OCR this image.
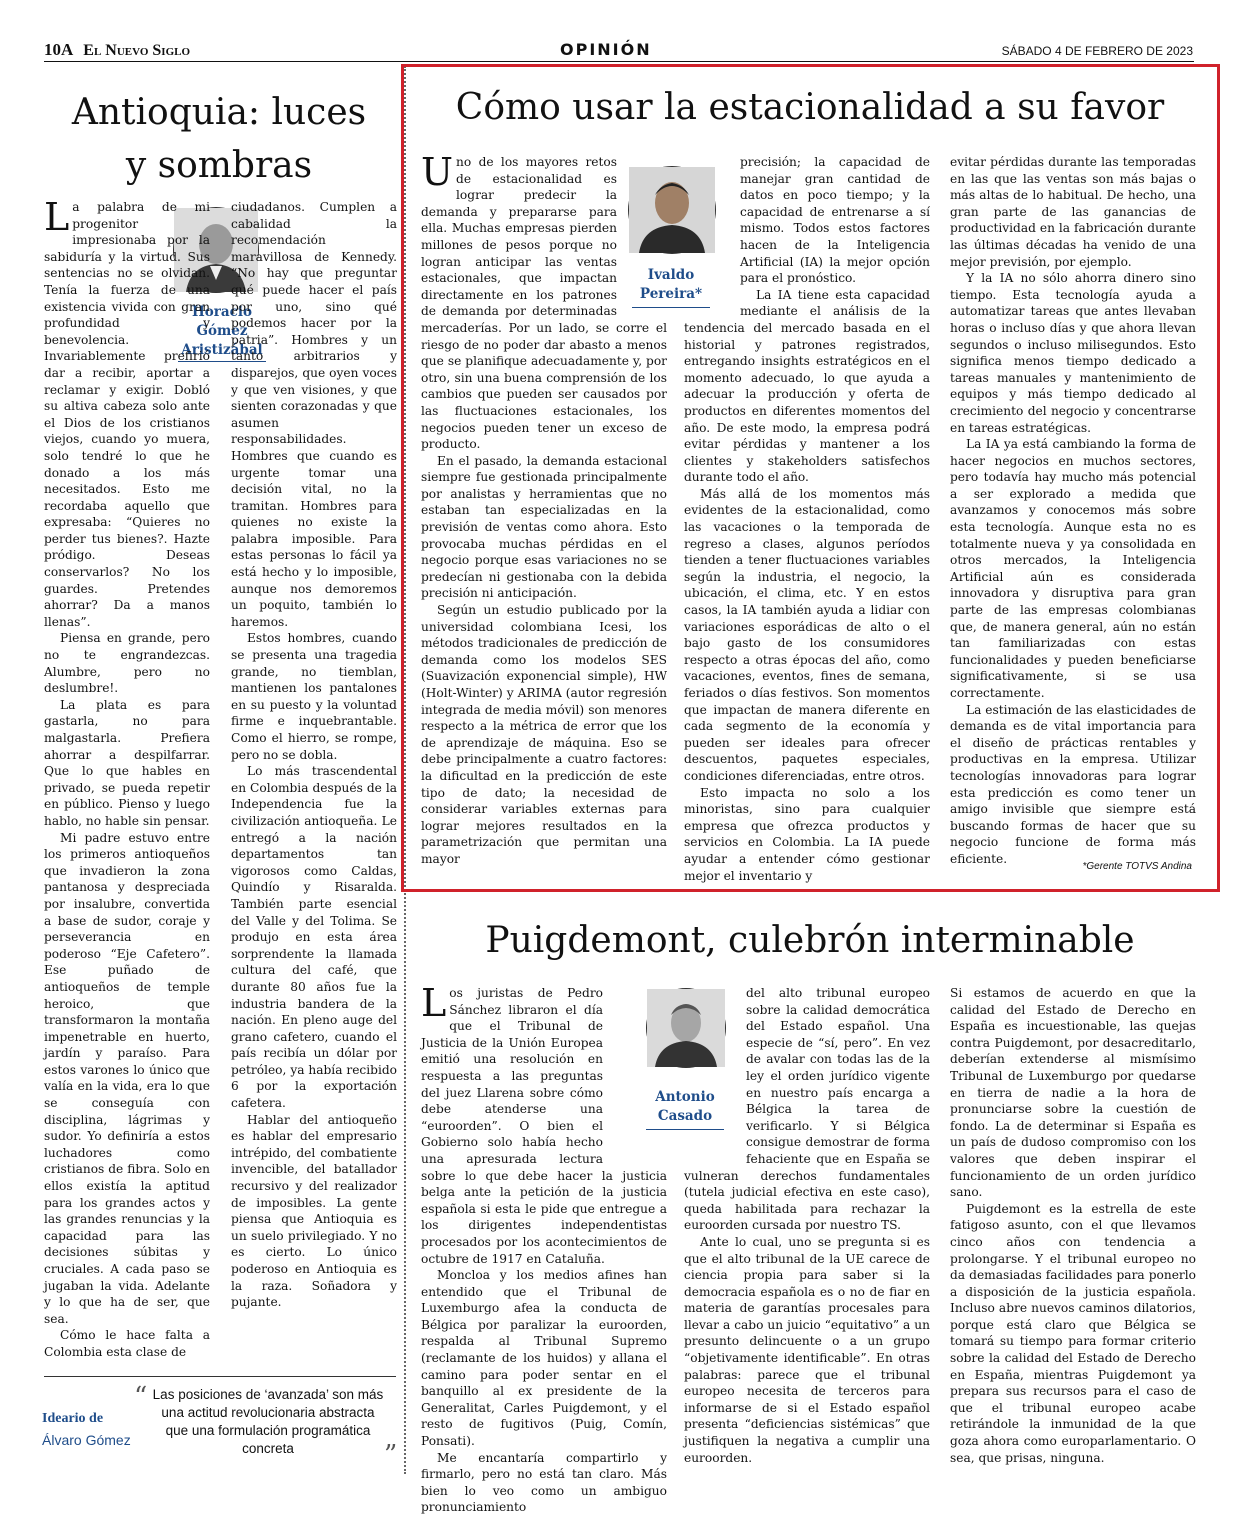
10A El Nuevo Siglo	OPINIÓN	SÁBADO 4 DE FEBRERO DE 2023
Antioquia: luces
y sombras
Horacio
Gómez
Aristizábal

La palabra de mi progenitor impresionaba por la sabiduría y la virtud. Sus sentencias no se olvidan. Tenía la fuerza de una existencia vivida con gran profundidad y benevolencia. Invariablemente prefirió dar a recibir, aportar a reclamar y exigir. Dobló su altiva cabeza solo ante el Dios de los cristianos viejos, cuando yo muera, solo tendré lo que he donado a los más necesitados. Esto me recordaba aquello que expresaba: “Quieres no perder tus bienes?. Hazte pródigo. Deseas conservarlos? No los guardes. Pretendes ahorrar? Da a manos llenas”.

Piensa en grande, pero no te engrandezcas. Alumbre, pero no deslumbre!.

La plata es para gastarla, no para malgastarla. Prefiera ahorrar a despilfarrar. Que lo que hables en privado, se pueda repetir en público. Pienso y luego hablo, no hable sin pensar.

Mi padre estuvo entre los primeros antioqueños que invadieron la zona pantanosa y despreciada por insalubre, convertida a base de sudor, coraje y perseverancia en poderoso “Eje Cafetero”. Ese puñado de antioqueños de temple heroico, que transformaron la montaña impenetrable en huerto, jardín y paraíso. Para estos varones lo único que valía en la vida, era lo que se conseguía con disciplina, lágrimas y sudor. Yo definiría a estos luchadores como cristianos de fibra. Solo en ellos existía la aptitud para los grandes actos y las grandes renuncias y la capacidad para las decisiones súbitas y cruciales. A cada paso se jugaban la vida. Adelante y lo que ha de ser, que sea.

Cómo le hace falta a Colombia esta clase de

ciudadanos. Cumplen a cabalidad la recomendación maravillosa de Kennedy. “No hay que preguntar qué puede hacer el país por uno, sino qué podemos hacer por la patria”. Hombres y un tanto arbitrarios y disparejos, que oyen voces y que ven visiones, y que sienten corazonadas y que asumen responsabilidades. Hombres que cuando es urgente tomar una decisión vital, no la tramitan. Hombres para quienes no existe la palabra imposible. Para estas personas lo fácil ya está hecho y lo imposible, aunque nos demoremos un poquito, también lo haremos.

Estos hombres, cuando se presenta una tragedia grande, no tiemblan, mantienen los pantalones en su puesto y la voluntad firme e inquebrantable. Como el hierro, se rompe, pero no se dobla.

Lo más trascendental en Colombia después de la Independencia fue la civilización antioqueña. Le entregó a la nación departamentos tan vigorosos como Caldas, Quindío y Risaralda. También parte esencial del Valle y del Tolima. Se produjo en esta área sorprendente la llamada cultura del café, que durante 80 años fue la industria bandera de la nación. En pleno auge del grano cafetero, cuando el país recibía un dólar por petróleo, ya había recibido 6 por la exportación cafetera.

Hablar del antioqueño es hablar del empresario intrépido, del combatiente invencible, del batallador recursivo y del realizador de imposibles. La gente piensa que Antioquia es un suelo privilegiado. Y no es cierto. Lo único poderoso en Antioquia es la raza. Soñadora y pujante.

Ideario de
Álvaro Gómez
“ Las posiciones de ‘avanzada’ son más una actitud revolucionaria abstracta que una formulación programática concreta	”
Cómo usar la estacionalidad a su favor
Ivaldo
Pereira*

Uno de los mayores retos de estacionalidad es lograr predecir la demanda y prepararse para ella. Muchas empresas pierden millones de pesos porque no logran anticipar las ventas estacionales, que impactan directamente en los patrones de demanda por determinadas mercaderías. Por un lado, se corre el riesgo de no poder dar abasto a menos que se planifique adecuadamente y, por otro, sin una buena comprensión de los cambios que pueden ser causados por las fluctuaciones estacionales, los negocios pueden tener un exceso de producto.

En el pasado, la demanda estacional siempre fue gestionada principalmente por analistas y herramientas que no estaban tan especializadas en la previsión de ventas como ahora. Esto provocaba muchas pérdidas en el negocio porque esas variaciones no se predecían ni gestionaba con la debida precisión ni anticipación.

Según un estudio publicado por la universidad colombiana Icesi, los métodos tradicionales de predicción de demanda como los modelos SES (Suavización exponencial simple), HW (Holt-Winter) y ARIMA (autor regresión integrada de media móvil) son menores respecto a la métrica de error que los de aprendizaje de máquina. Eso se debe principalmente a cuatro factores: la dificultad en la predicción de este tipo de dato; la necesidad de considerar variables externas para lograr mejores resultados en la parametrización que permitan una mayor

precisión; la capacidad de manejar gran cantidad de datos en poco tiempo; y la capacidad de entrenarse a sí mismo. Todos estos factores hacen de la Inteligencia Artificial (IA) la mejor opción para el pronóstico.

La IA tiene esta capacidad mediante el análisis de la tendencia del mercado basada en el historial y patrones registrados, entregando insights estratégicos en el momento adecuado, lo que ayuda a adecuar la producción y oferta de productos en diferentes momentos del año. De este modo, la empresa podrá evitar pérdidas y mantener a los clientes y stakeholders satisfechos durante todo el año.

Más allá de los momentos más evidentes de la estacionalidad, como las vacaciones o la temporada de regreso a clases, algunos períodos tienden a tener fluctuaciones variables según la industria, el negocio, la ubicación, el clima, etc. Y en estos casos, la IA también ayuda a lidiar con variaciones esporádicas de alto o el bajo gasto de los consumidores respecto a otras épocas del año, como vacaciones, eventos, fines de semana, feriados o días festivos. Son momentos que impactan de manera diferente en cada segmento de la economía y pueden ser ideales para ofrecer descuentos, paquetes especiales, condiciones diferenciadas, entre otros.

Esto impacta no solo a los minoristas, sino para cualquier empresa que ofrezca productos y servicios en Colombia. La IA puede ayudar a entender cómo gestionar mejor el inventario y

evitar pérdidas durante las temporadas en las que las ventas son más bajas o más altas de lo habitual. De hecho, una gran parte de las ganancias de productividad en la fabricación durante las últimas décadas ha venido de una mejor previsión, por ejemplo.

Y la IA no sólo ahorra dinero sino tiempo. Esta tecnología ayuda a automatizar tareas que antes llevaban horas o incluso días y que ahora llevan segundos o incluso milisegundos. Esto significa menos tiempo dedicado a tareas manuales y mantenimiento de equipos y más tiempo dedicado al crecimiento del negocio y concentrarse en tareas estratégicas.

La IA ya está cambiando la forma de hacer negocios en muchos sectores, pero todavía hay mucho más potencial a ser explorado a medida que avanzamos y conocemos más sobre esta tecnología. Aunque esta no es totalmente nueva y ya consolidada en otros mercados, la Inteligencia Artificial aún es considerada innovadora y disruptiva para gran parte de las empresas colombianas que, de manera general, aún no están tan familiarizadas con estas funcionalidades y pueden beneficiarse significativamente, si se usa correctamente.

La estimación de las elasticidades de demanda es de vital importancia para el diseño de prácticas rentables y productivas en la empresa. Utilizar tecnologías innovadoras para lograr esta predicción es como tener un amigo invisible que siempre está buscando formas de hacer que su negocio funcione de forma más eficiente.

*Gerente TOTVS Andina
Puigdemont, culebrón interminable
Antonio
Casado

Los juristas de Pedro Sánchez libraron el día que el Tribunal de Justicia de la Unión Europea emitió una resolución en respuesta a las preguntas del juez Llarena sobre cómo debe atenderse una “euroorden”. O bien el Gobierno solo había hecho una apresurada lectura sobre lo que debe hacer la justicia belga ante la petición de la justicia española si esta le pide que entregue a los dirigentes independentistas procesados por los acontecimientos de octubre de 1917 en Cataluña.

Moncloa y los medios afines han entendido que el Tribunal de Luxemburgo afea la conducta de Bélgica por paralizar la euroorden, respalda al Tribunal Supremo (reclamante de los huidos) y allana el camino para poder sentar en el banquillo al ex presidente de la Generalitat, Carles Puigdemont, y el resto de fugitivos (Puig, Comín, Ponsati).

Me encantaría compartirlo y firmarlo, pero no está tan claro. Más bien lo veo como un ambiguo pronunciamiento

del alto tribunal europeo sobre la calidad democrática del Estado español. Una especie de “sí, pero”. En vez de avalar con todas las de la ley el orden jurídico vigente en nuestro país encarga a Bélgica la tarea de verificarlo. Y si Bélgica consigue demostrar de forma fehaciente que en España se vulneran derechos fundamentales (tutela judicial efectiva en este caso), queda habilitada para rechazar la euroorden cursada por nuestro TS.

Ante lo cual, uno se pregunta si es que el alto tribunal de la UE carece de ciencia propia para saber si la democracia española es o no de fiar en materia de garantías procesales para llevar a cabo un juicio “equitativo” a un presunto delincuente o a un grupo “objetivamente identificable”. En otras palabras: parece que el tribunal europeo necesita de terceros para informarse de si el Estado español presenta “deficiencias sistémicas” que justifiquen la negativa a cumplir una euroorden.

Si estamos de acuerdo en que la calidad del Estado de Derecho en España es incuestionable, las quejas contra Puigdemont, por desacreditarlo, deberían extenderse al mismísimo Tribunal de Luxemburgo por quedarse en tierra de nadie a la hora de pronunciarse sobre la cuestión de fondo. La de determinar si España es un país de dudoso compromiso con los valores que deben inspirar el funcionamiento de un orden jurídico sano.

Puigdemont es la estrella de este fatigoso asunto, con el que llevamos cinco años con tendencia a prolongarse. Y el tribunal europeo no da demasiadas facilidades para ponerlo a disposición de la justicia española. Incluso abre nuevos caminos dilatorios, porque está claro que Bélgica se tomará su tiempo para formar criterio sobre la calidad del Estado de Derecho en España, mientras Puigdemont ya prepara sus recursos para el caso de que el tribunal europeo acabe retirándole la inmunidad de la que goza ahora como europarlamentario. O sea, que prisas, ninguna.
